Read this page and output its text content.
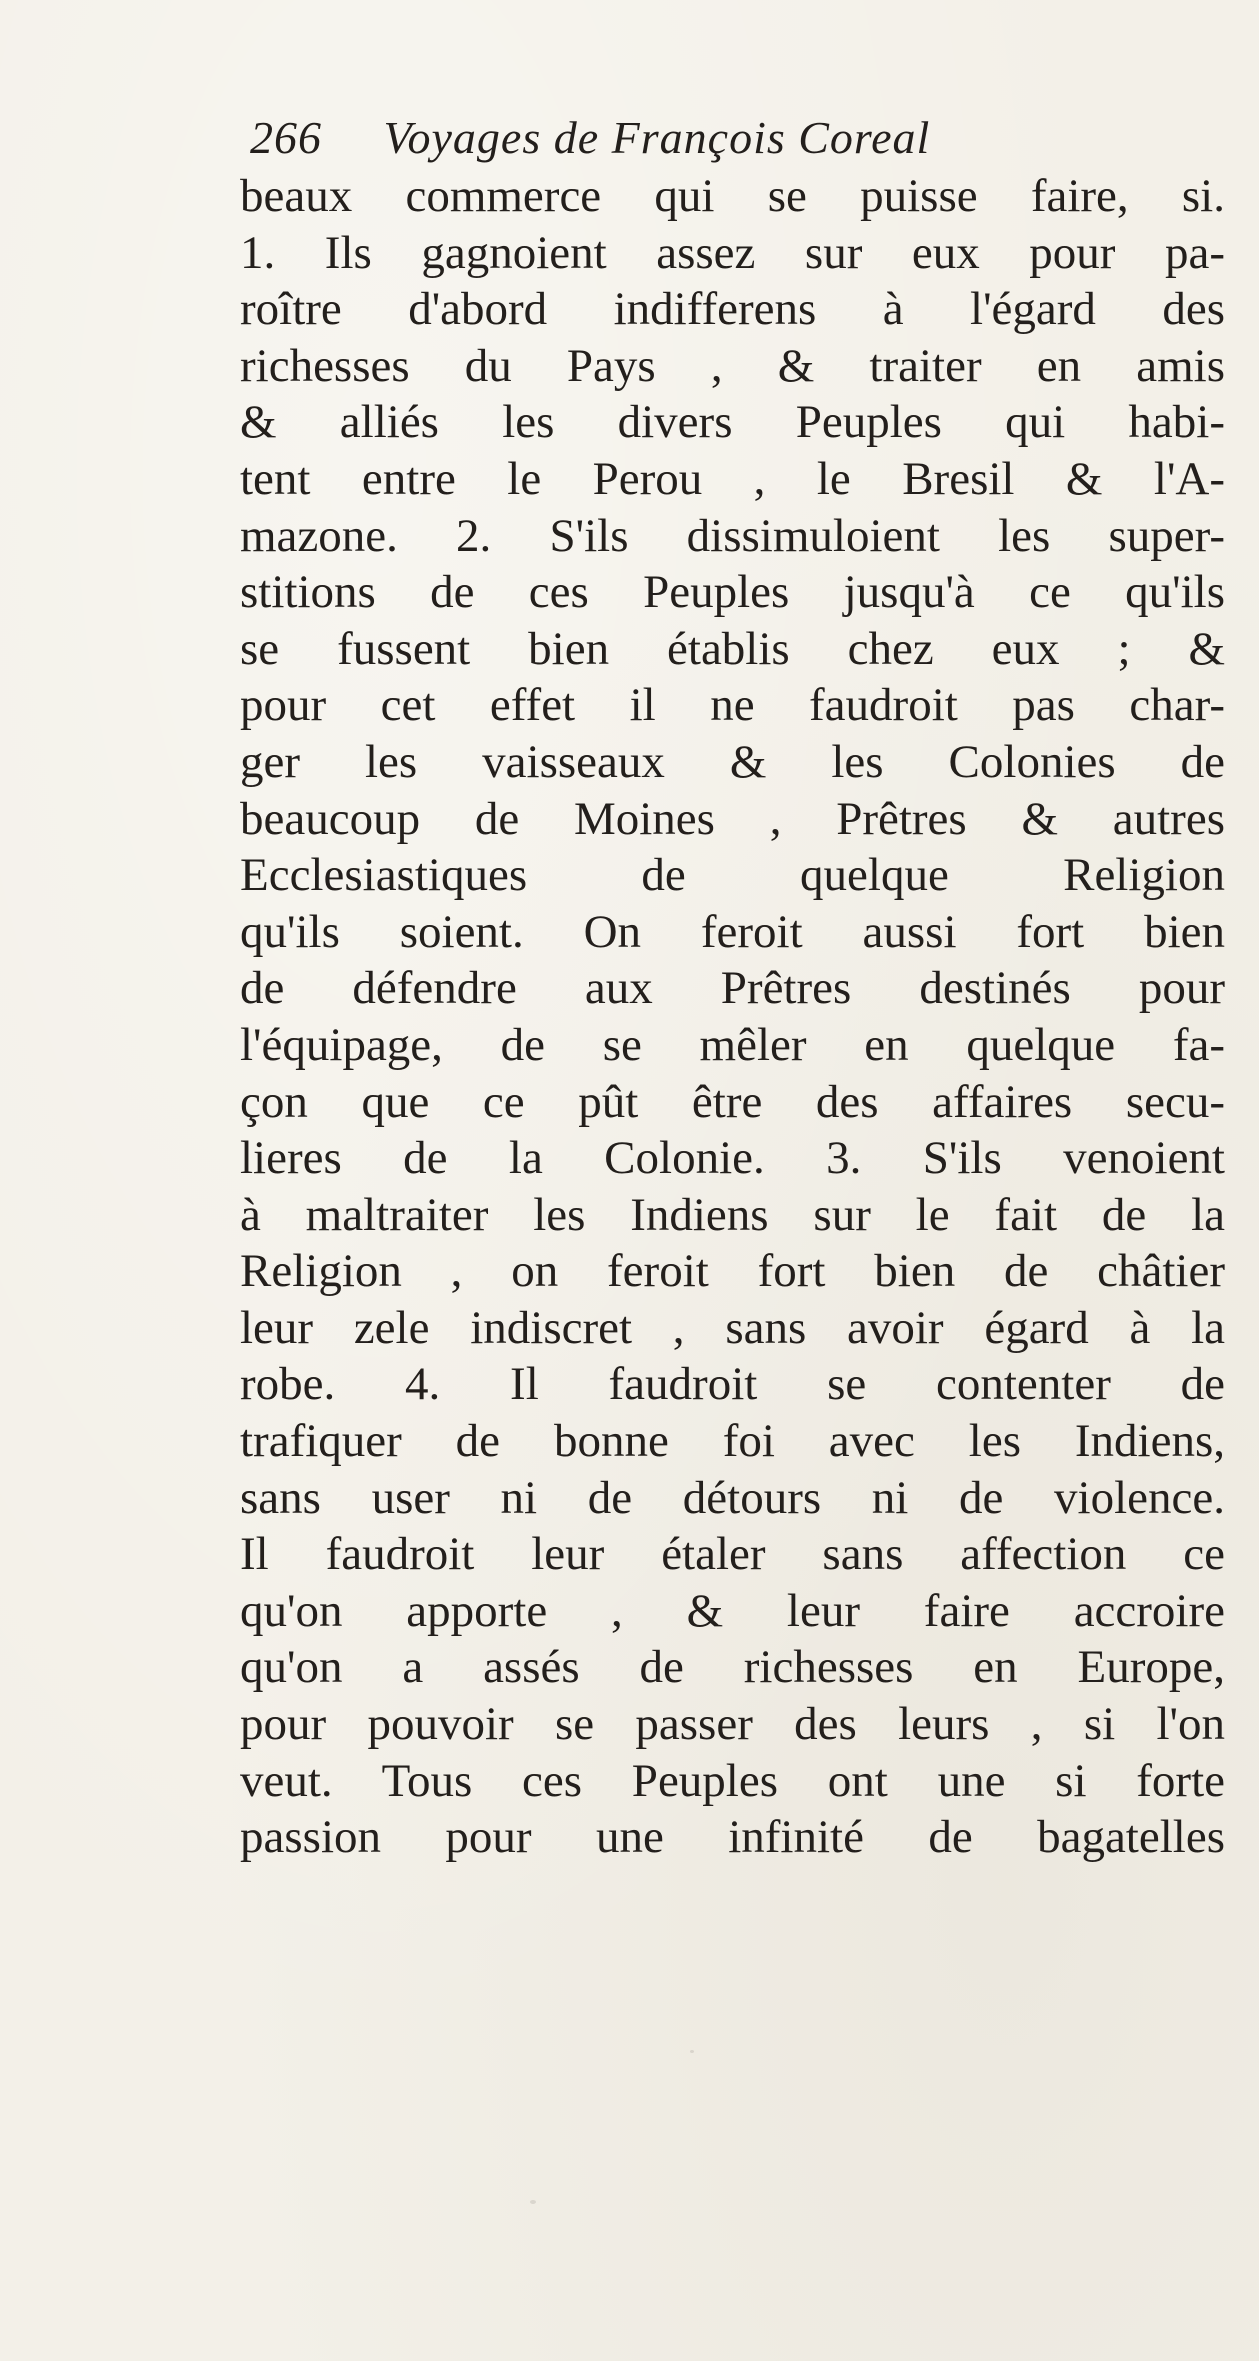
266 Voyages de François Coreal
beaux commerce qui se puisse faire, si.
1. Ils gagnoient assez sur eux pour pa-
roître d'abord indifferens à l'égard des
richesses du Pays , & traiter en amis
& alliés les divers Peuples qui habi-
tent entre le Perou , le Bresil & l'A-
mazone. 2. S'ils dissimuloient les super-
stitions de ces Peuples jusqu'à ce qu'ils
se fussent bien établis chez eux ; &
pour cet effet il ne faudroit pas char-
ger les vaisseaux & les Colonies de
beaucoup de Moines , Prêtres & autres
Ecclesiastiques de quelque Religion
qu'ils soient. On feroit aussi fort bien
de défendre aux Prêtres destinés pour
l'équipage, de se mêler en quelque fa-
çon que ce pût être des affaires secu-
lieres de la Colonie. 3. S'ils venoient
à maltraiter les Indiens sur le fait de la
Religion , on feroit fort bien de châtier
leur zele indiscret , sans avoir égard à la
robe. 4. Il faudroit se contenter de
trafiquer de bonne foi avec les Indiens,
sans user ni de détours ni de violence.
Il faudroit leur étaler sans affection ce
qu'on apporte , & leur faire accroire
qu'on a assés de richesses en Europe,
pour pouvoir se passer des leurs , si l'on
veut. Tous ces Peuples ont une si forte
passion pour une infinité de bagatelles
